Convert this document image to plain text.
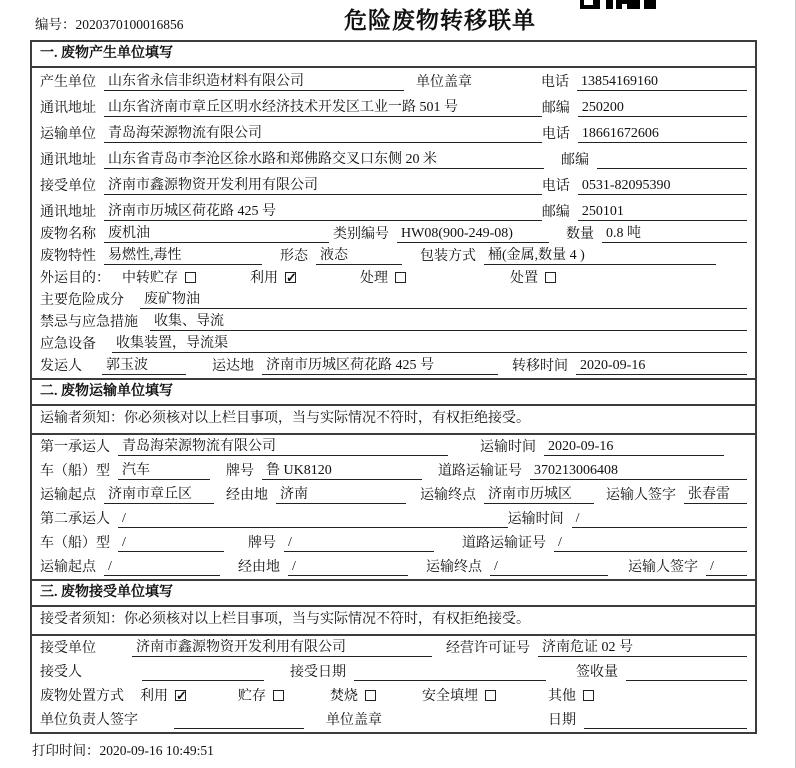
编号：2020370100016856	危险废物转移联单
一. 废物产生单位填写
产生单位 山东省永信非织造材料有限公司	单位盖章	电话 13854169160
通讯地址 山东省济南市章丘区明水经济技术开发区工业一路 501 号	邮编 250200
运输单位 青岛海荣源物流有限公司	电话 18661672606
通讯地址 山东省青岛市李沧区徐水路和郑佛路交叉口东侧 20 米	邮编
接受单位 济南市鑫源物资开发利用有限公司	电话 0531-82095390
通讯地址 济南市历城区荷花路 425 号	邮编 250101
废物名称 废机油	类别编号 HW08(900-249-08)	数量 0.8 吨
废物特性 易燃性,毒性	形态 液态	包装方式 桶(金属,数量 4 )
外运目的： 中转贮存	利用 ✓	处理	处置
主要危险成分 废矿物油
禁忌与应急措施 收集、导流
应急设备 收集装置，导流渠
发运人 郭玉波	运达地 济南市历城区荷花路 425 号	转移时间 2020-09-16
二. 废物运输单位填写
运输者须知：你必须核对以上栏目事项，当与实际情况不符时，有权拒绝接受。
第一承运人 青岛海荣源物流有限公司	运输时间 2020-09-16
车（船）型 汽车	牌号 鲁 UK8120	道路运输证号 370213006408
运输起点 济南市章丘区	经由地 济南	运输终点 济南市历城区	运输人签字 张春雷
第二承运人 /	运输时间 /
车（船）型 /	牌号 /	道路运输证号 /
运输起点 /	经由地 /	运输终点 /	运输人签字 /
三. 废物接受单位填写
接受者须知：你必须核对以上栏目事项，当与实际情况不符时，有权拒绝接受。
接受单位	济南市鑫源物资开发利用有限公司	经营许可证号 济南危证 02 号
接受人	接受日期	签收量
废物处置方式 利用 ✓	贮存	焚烧	安全填埋	其他
单位负责人签字	单位盖章	日期
打印时间：2020-09-16 10:49:51
